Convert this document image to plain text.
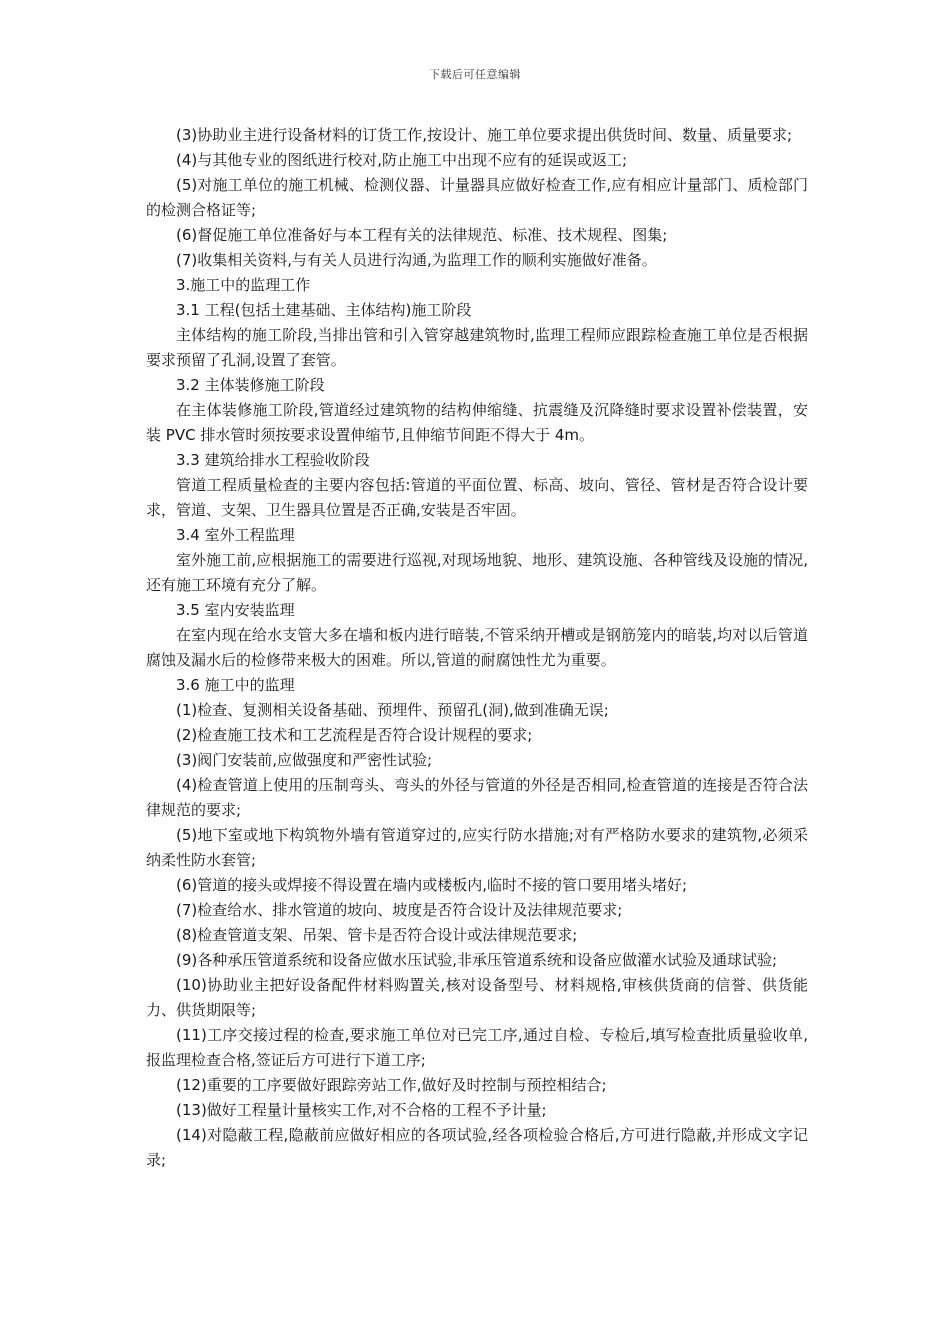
下载后可任意编辑

(3)协助业主进行设备材料的订货工作,按设计、施工单位要求提出供货时间、数量、质量要求;

(4)与其他专业的图纸进行校对,防止施工中出现不应有的延误或返工;

(5)对施工单位的施工机械、检测仪器、计量器具应做好检查工作,应有相应计量部门、质检部门的检测合格证等;

(6)督促施工单位准备好与本工程有关的法律规范、标准、技术规程、图集;

(7)收集相关资料,与有关人员进行沟通,为监理工作的顺利实施做好准备。

3.施工中的监理工作

3.1 工程(包括土建基础、主体结构)施工阶段

主体结构的施工阶段,当排出管和引入管穿越建筑物时,监理工程师应跟踪检查施工单位是否根据要求预留了孔洞,设置了套管。

3.2 主体装修施工阶段

在主体装修施工阶段,管道经过建筑物的结构伸缩缝、抗震缝及沉降缝时要求设置补偿装置，安装 PVC 排水管时须按要求设置伸缩节,且伸缩节间距不得大于 4m。

3.3 建筑给排水工程验收阶段

管道工程质量检查的主要内容包括:管道的平面位置、标高、坡向、管径、管材是否符合设计要求，管道、支架、卫生器具位置是否正确,安装是否牢固。

3.4 室外工程监理

室外施工前,应根据施工的需要进行巡视,对现场地貌、地形、建筑设施、各种管线及设施的情况,还有施工环境有充分了解。

3.5 室内安装监理

在室内现在给水支管大多在墙和板内进行暗装,不管采纳开槽或是钢筋笼内的暗装,均对以后管道腐蚀及漏水后的检修带来极大的困难。所以,管道的耐腐蚀性尤为重要。

3.6 施工中的监理

(1)检查、复测相关设备基础、预埋件、预留孔(洞),做到准确无误;

(2)检查施工技术和工艺流程是否符合设计规程的要求;

(3)阀门安装前,应做强度和严密性试验;

(4)检查管道上使用的压制弯头、弯头的外径与管道的外径是否相同,检查管道的连接是否符合法律规范的要求;

(5)地下室或地下构筑物外墙有管道穿过的,应实行防水措施;对有严格防水要求的建筑物,必须采纳柔性防水套管;

(6)管道的接头或焊接不得设置在墙内或楼板内,临时不接的管口要用堵头堵好;

(7)检查给水、排水管道的坡向、坡度是否符合设计及法律规范要求;

(8)检查管道支架、吊架、管卡是否符合设计或法律规范要求;

(9)各种承压管道系统和设备应做水压试验,非承压管道系统和设备应做灌水试验及通球试验;

(10)协助业主把好设备配件材料购置关,核对设备型号、材料规格,审核供货商的信誉、供货能力、供货期限等;

(11)工序交接过程的检查,要求施工单位对已完工序,通过自检、专检后,填写检查批质量验收单,报监理检查合格,签证后方可进行下道工序;

(12)重要的工序要做好跟踪旁站工作,做好及时控制与预控相结合;

(13)做好工程量计量核实工作,对不合格的工程不予计量;

(14)对隐蔽工程,隐蔽前应做好相应的各项试验,经各项检验合格后,方可进行隐蔽,并形成文字记录;
